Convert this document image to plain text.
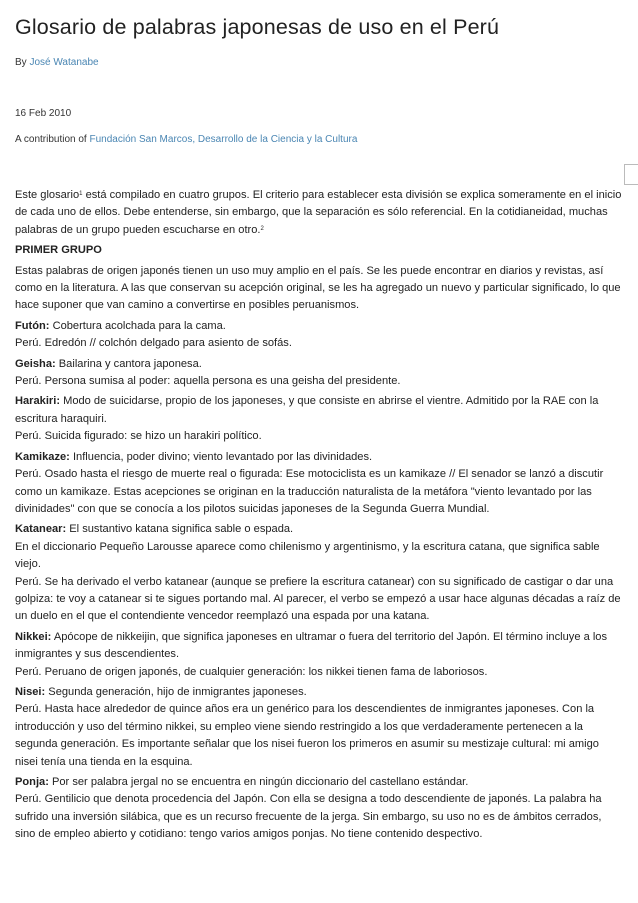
Glosario de palabras japonesas de uso en el Perú
By José Watanabe
16 Feb 2010
A contribution of Fundación San Marcos, Desarrollo de la Ciencia y la Cultura

Este glosario$^1$ está compilado en cuatro grupos. El criterio para establecer esta división se explica someramente en el inicio de cada uno de ellos. Debe entenderse, sin embargo, que la separación es sólo referencial. En la cotidianeidad, muchas palabras de un grupo pueden escucharse en otro.$^2$

PRIMER GRUPO

Estas palabras de origen japonés tienen un uso muy amplio en el país. Se les puede encontrar en diarios y revistas, así como en la literatura. A las que conservan su acepción original, se les ha agregado un nuevo y particular significado, lo que hace suponer que van camino a convertirse en posibles peruanismos.

Futón: Cobertura acolchada para la cama.
Perú. Edredón // colchón delgado para asiento de sofás.

Geisha: Bailarina y cantora japonesa.
Perú. Persona sumisa al poder: aquella persona es una geisha del presidente.

Harakiri: Modo de suicidarse, propio de los japoneses, y que consiste en abrirse el vientre. Admitido por la RAE con la escritura haraquiri.
Perú. Suicida figurado: se hizo un harakiri político.

Kamikaze: Influencia, poder divino; viento levantado por las divinidades.
Perú. Osado hasta el riesgo de muerte real o figurada: Ese motociclista es un kamikaze // El senador se lanzó a discutir como un kamikaze. Estas acepciones se originan en la traducción naturalista de la metáfora "viento levantado por las divinidades" con que se conocía a los pilotos suicidas japoneses de la Segunda Guerra Mundial.

Katanear: El sustantivo katana significa sable o espada.
En el diccionario Pequeño Larousse aparece como chilenismo y argentinismo, y la escritura catana, que significa sable viejo.
Perú. Se ha derivado el verbo katanear (aunque se prefiere la escritura catanear) con su significado de castigar o dar una golpiza: te voy a catanear si te sigues portando mal. Al parecer, el verbo se empezó a usar hace algunas décadas a raíz de un duelo en el que el contendiente vencedor reemplazó una espada por una katana.

Nikkei: Apócope de nikkeijin, que significa japoneses en ultramar o fuera del territorio del Japón. El término incluye a los inmigrantes y sus descendientes.
Perú. Peruano de origen japonés, de cualquier generación: los nikkei tienen fama de laboriosos.

Nisei: Segunda generación, hijo de inmigrantes japoneses.
Perú. Hasta hace alrededor de quince años era un genérico para los descendientes de inmigrantes japoneses. Con la introducción y uso del término nikkei, su empleo viene siendo restringido a los que verdaderamente pertenecen a la segunda generación. Es importante señalar que los nisei fueron los primeros en asumir su mestizaje cultural: mi amigo nisei tenía una tienda en la esquina.

Ponja: Por ser palabra jergal no se encuentra en ningún diccionario del castellano estándar.
Perú. Gentilicio que denota procedencia del Japón. Con ella se designa a todo descendiente de japonés. La palabra ha sufrido una inversión silábica, que es un recurso frecuente de la jerga. Sin embargo, su uso no es de ámbitos cerrados, sino de empleo abierto y cotidiano: tengo varios amigos ponjas. No tiene contenido despectivo.
